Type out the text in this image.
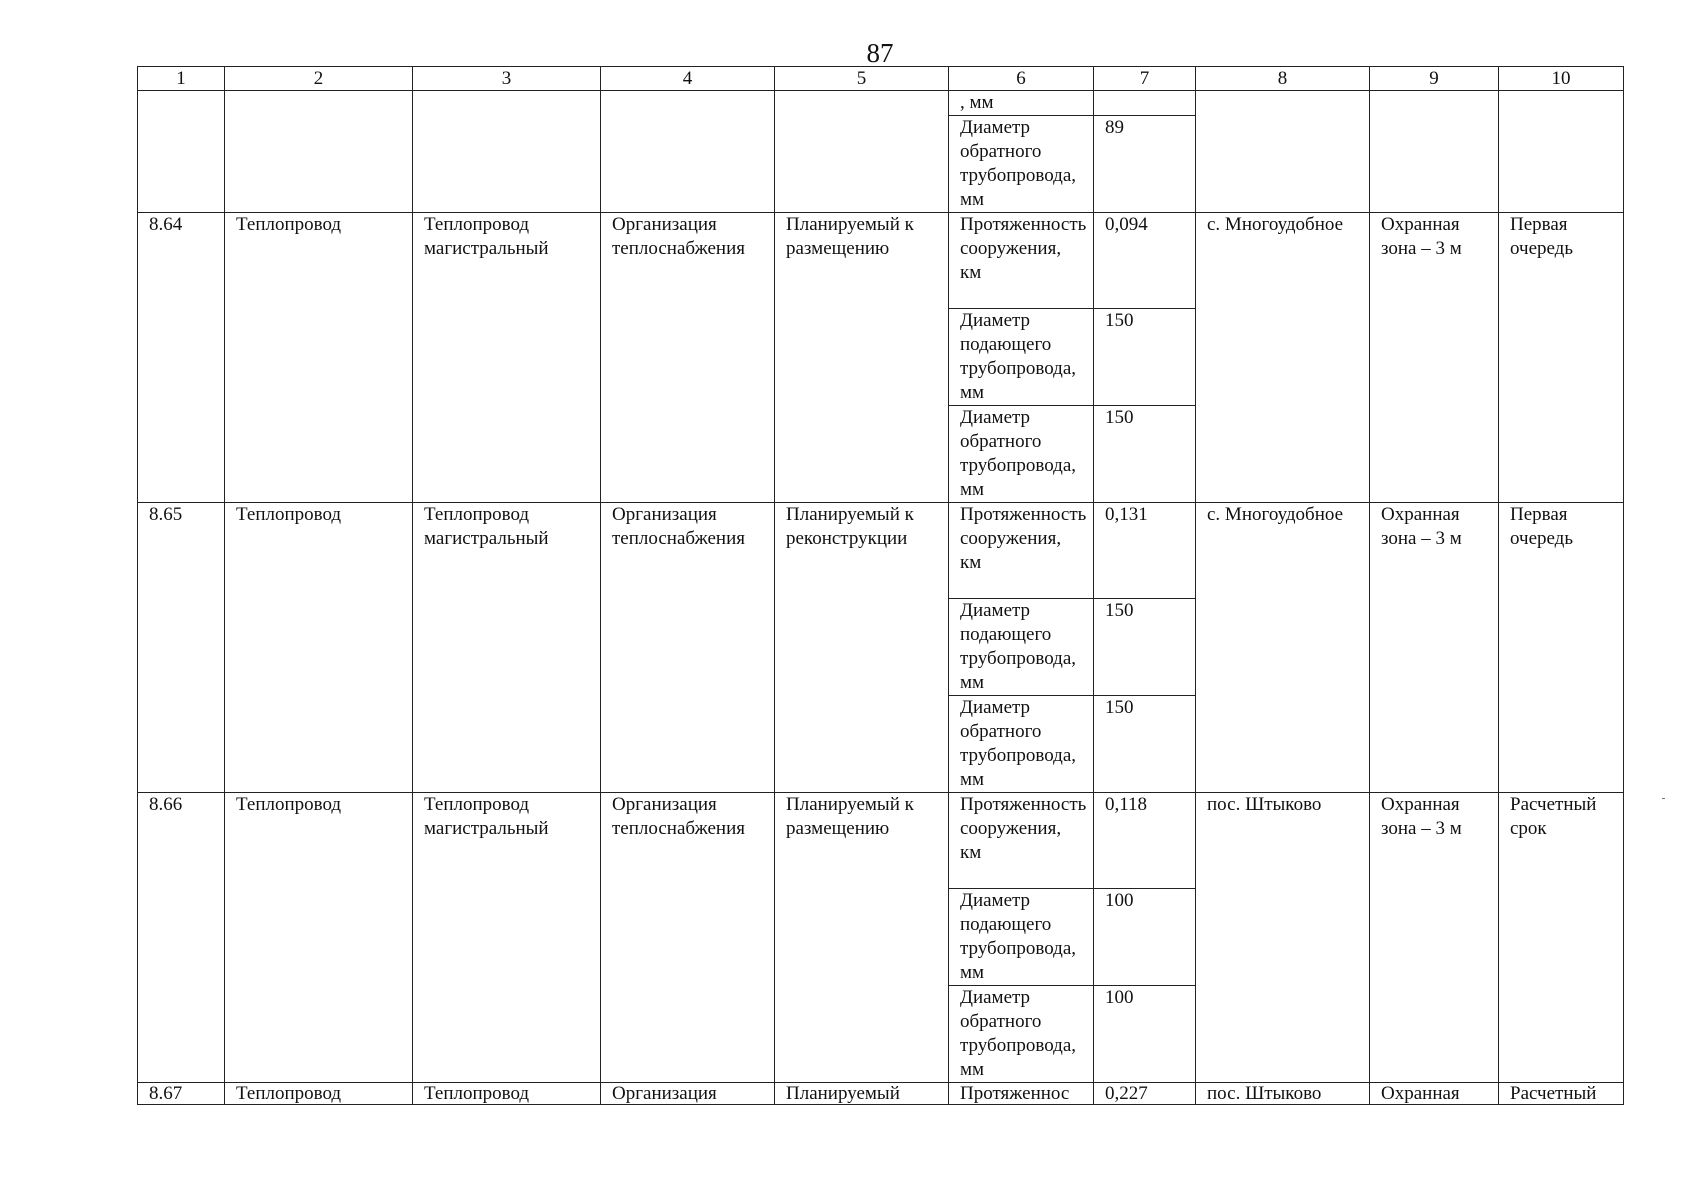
87
1	2	3	4	5	6	7	8	9	10
					, мм				
					Диаметр обратного трубопровода, мм	89			
8.64	Теплопровод	Теплопровод магистральный	Организация теплоснабжения	Планируемый к размещению	Протяженность сооружения, км	0,094	с. Многоудобное	Охранная зона – 3 м	Первая очередь
					Диаметр подающего трубопровода, мм	150			
					Диаметр обратного трубопровода, мм	150			
8.65	Теплопровод	Теплопровод магистральный	Организация теплоснабжения	Планируемый к реконструкции	Протяженность сооружения, км	0,131	с. Многоудобное	Охранная зона – 3 м	Первая очередь
					Диаметр подающего трубопровода, мм	150			
					Диаметр обратного трубопровода, мм	150			
8.66	Теплопровод	Теплопровод магистральный	Организация теплоснабжения	Планируемый к размещению	Протяженность сооружения, км	0,118	пос. Штыково	Охранная зона – 3 м	Расчетный срок
					Диаметр подающего трубопровода, мм	100			
					Диаметр обратного трубопровода, мм	100			
8.67	Теплопровод	Теплопровод	Организация	Планируемый	Протяженнос	0,227	пос. Штыково	Охранная	Расчетный
